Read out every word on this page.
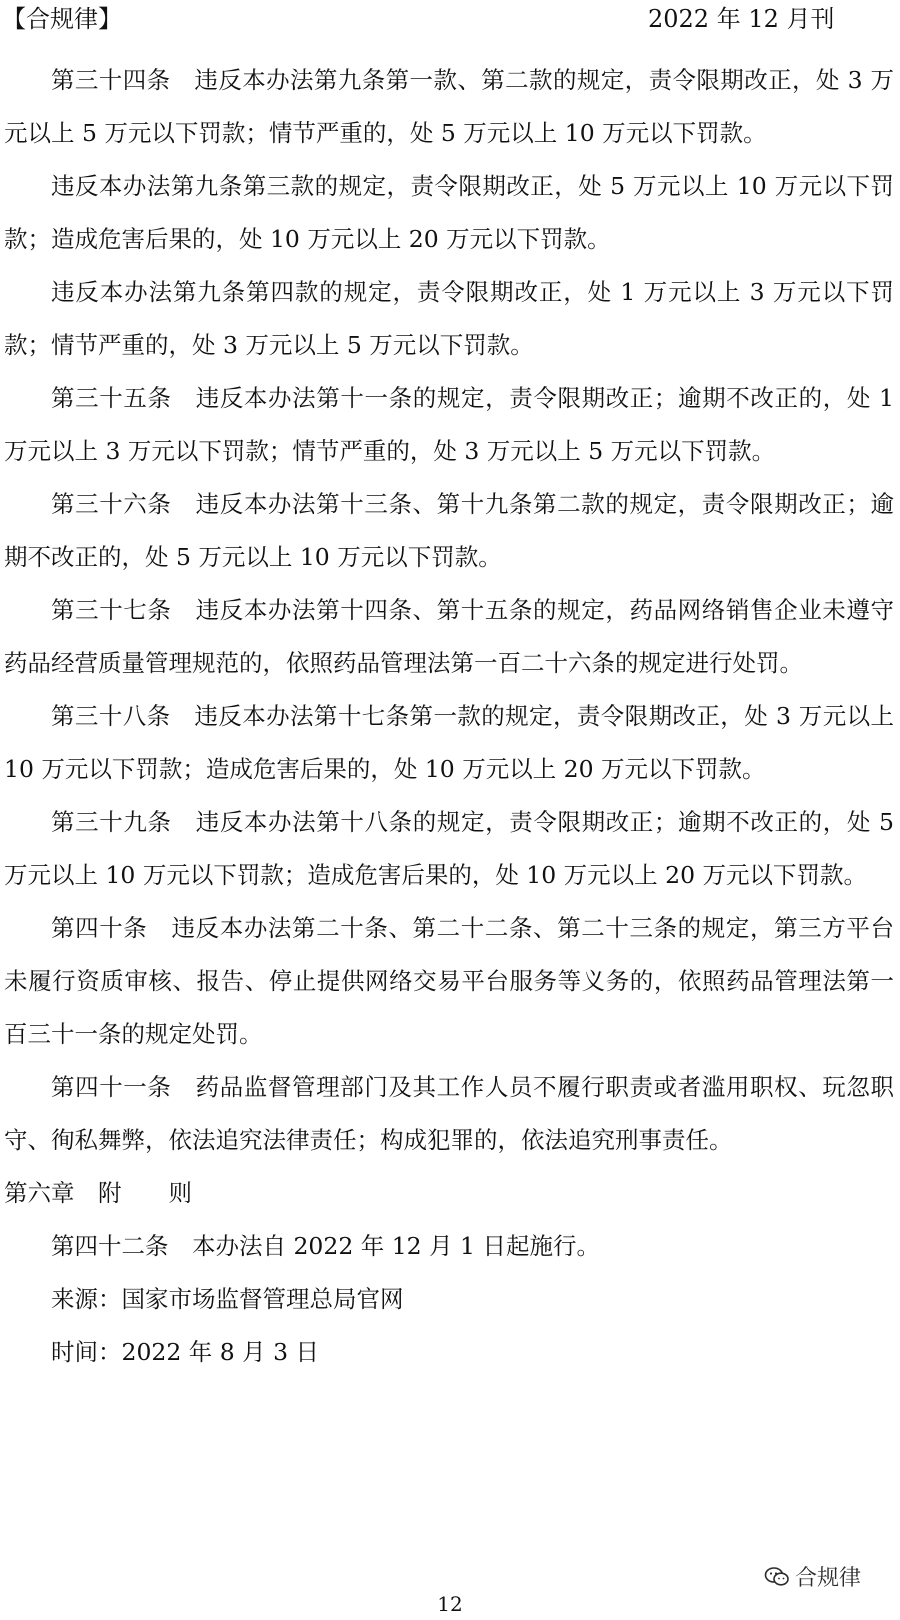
【合规律】	2022 年 12 月刊

第三十四条　违反本办法第九条第一款、第二款的规定，责令限期改正，处 3 万元以上 5 万元以下罚款；情节严重的，处 5 万元以上 10 万元以下罚款。

违反本办法第九条第三款的规定，责令限期改正，处 5 万元以上 10 万元以下罚款；造成危害后果的，处 10 万元以上 20 万元以下罚款。

违反本办法第九条第四款的规定，责令限期改正，处 1 万元以上 3 万元以下罚款；情节严重的，处 3 万元以上 5 万元以下罚款。

第三十五条　违反本办法第十一条的规定，责令限期改正；逾期不改正的，处 1 万元以上 3 万元以下罚款；情节严重的，处 3 万元以上 5 万元以下罚款。

第三十六条　违反本办法第十三条、第十九条第二款的规定，责令限期改正；逾期不改正的，处 5 万元以上 10 万元以下罚款。

第三十七条　违反本办法第十四条、第十五条的规定，药品网络销售企业未遵守药品经营质量管理规范的，依照药品管理法第一百二十六条的规定进行处罚。

第三十八条　违反本办法第十七条第一款的规定，责令限期改正，处 3 万元以上 10 万元以下罚款；造成危害后果的，处 10 万元以上 20 万元以下罚款。

第三十九条　违反本办法第十八条的规定，责令限期改正；逾期不改正的，处 5 万元以上 10 万元以下罚款；造成危害后果的，处 10 万元以上 20 万元以下罚款。

第四十条　违反本办法第二十条、第二十二条、第二十三条的规定，第三方平台未履行资质审核、报告、停止提供网络交易平台服务等义务的，依照药品管理法第一百三十一条的规定处罚。

第四十一条　药品监督管理部门及其工作人员不履行职责或者滥用职权、玩忽职守、徇私舞弊，依法追究法律责任；构成犯罪的，依法追究刑事责任。

第六章　附　　则

第四十二条　本办法自 2022 年 12 月 1 日起施行。

来源：国家市场监督管理总局官网

时间：2022 年 8 月 3 日

合规律
12
